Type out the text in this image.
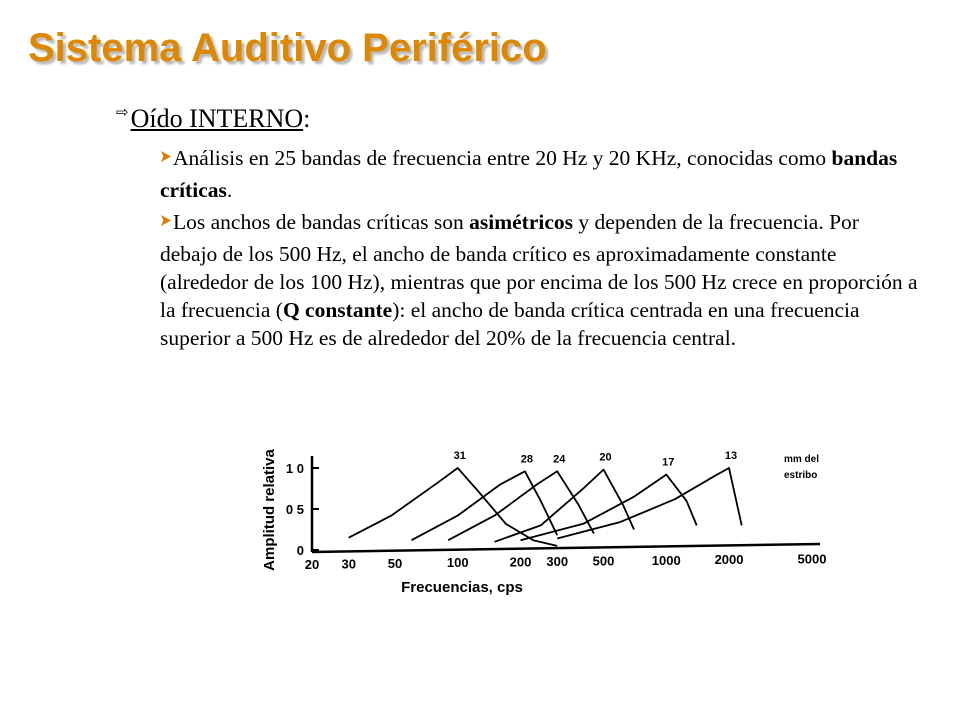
Sistema Auditivo Periférico
⇨Oído INTERNO:
Análisis en 25 bandas de frecuencia entre 20 Hz y 20 KHz, conocidas como bandas críticas.
Los anchos de bandas críticas son asimétricos y dependen de la frecuencia. Por debajo de los 500 Hz, el ancho de banda crítico es aproximadamente constante (alrededor de los 100 Hz), mientras que por encima de los 500 Hz crece en proporción a la frecuencia (Q constante): el ancho de banda crítica centrada en una frecuencia superior a 500 Hz es de alrededor del 20% de la frecuencia central.
0
0 5
1 0
20 30 50	100	200 300 500	1000	2000	5000
Frecuencias, cps
Amplitud relativa	31	28 24	20	17
13	mm del
estribo
